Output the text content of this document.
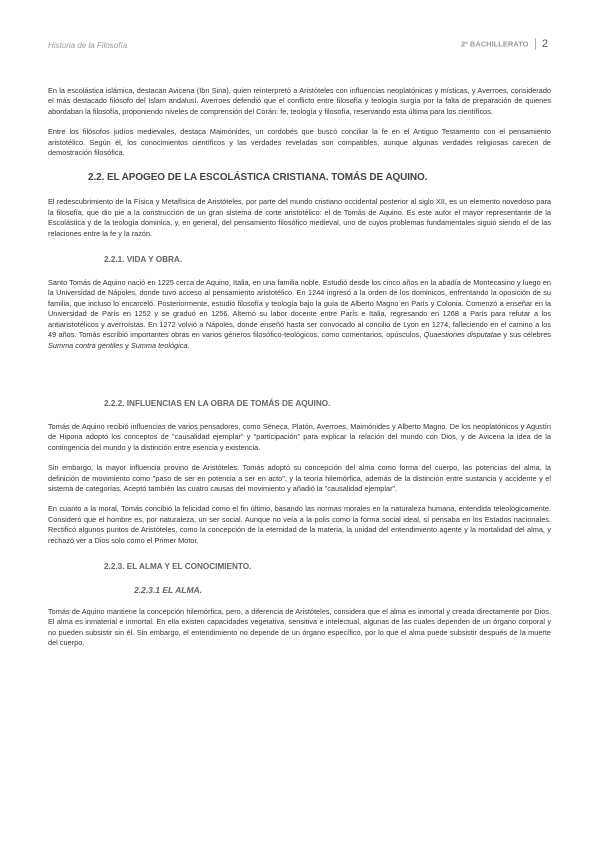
Historia de la Filosofía	2º BACHILLERATO 2

En la escolástica islámica, destacan Avicena (Ibn Sina), quien reinterpretó a Aristóteles con influencias neoplatónicas y místicas, y Averroes, considerado el más destacado filósofo del Islam andalusí. Averroes defendió que el conflicto entre filosofía y teología surgía por la falta de preparación de quienes abordaban la filosofía, proponiendo niveles de comprensión del Corán: fe, teología y filosofía, reservando esta última para los científicos.

Entre los filósofos judíos medievales, destaca Maimónides, un cordobés que buscó conciliar la fe en el Antiguo Testamento con el pensamiento aristotélico. Según él, los conocimientos científicos y las verdades reveladas son compatibles, aunque algunas verdades religiosas carecen de demostración filosófica.

2.2. EL APOGEO DE LA ESCOLÁSTICA CRISTIANA. TOMÁS DE AQUINO.

El redescubrimiento de la Física y Metafísica de Aristóteles, por parte del mundo cristiano occidental posterior al siglo XII, es un elemento novedoso para la filosofía, que dio pie a la construcción de un gran sistema de corte aristotélico: el de Tomás de Aquino. Es este autor el mayor representante de la Escolástica y de la teología dominica, y, en general, del pensamiento filosófico medieval, uno de cuyos problemas fundamentales siguió siendo el de las relaciones entre la fe y la razón.

2.2.1. VIDA Y OBRA.

Santo Tomás de Aquino nació en 1225 cerca de Aquino, Italia, en una familia noble. Estudió desde los cinco años en la abadía de Montecasino y luego en la Universidad de Nápoles, donde tuvo acceso al pensamiento aristotélico. En 1244 ingresó a la orden de los dominicos, enfrentando la oposición de su familia, que incluso lo encarceló. Posteriormente, estudió filosofía y teología bajo la guía de Alberto Magno en París y Colonia. Comenzó a enseñar en la Universidad de París en 1252 y se graduó en 1256. Alternó su labor docente entre París e Italia, regresando en 1268 a París para refutar a los antiaristotélicos y averroístas. En 1272 volvió a Nápoles, donde enseñó hasta ser convocado al concilio de Lyon en 1274, falleciendo en el camino a los 49 años. Tomás escribió importantes obras en varios géneros filosófico-teológicos, como comentarios, opúsculos, Quaestiones disputatae y sus célebres Summa contra gentiles y Summa teológica.

2.2.2. INFLUENCIAS EN LA OBRA DE TOMÁS DE AQUINO.

Tomás de Aquino recibió influencias de varios pensadores, como Séneca, Platón, Averroes, Maimónides y Alberto Magno. De los neoplatónicos y Agustín de Hipona adoptó los conceptos de "causalidad ejemplar" y "participación" para explicar la relación del mundo con Dios, y de Avicena la idea de la contingencia del mundo y la distinción entre esencia y existencia.

Sin embargo, la mayor influencia provino de Aristóteles. Tomás adoptó su concepción del alma como forma del cuerpo, las potencias del alma, la definición de movimiento como "paso de ser en potencia a ser en acto", y la teoría hilemórfica, además de la distinción entre sustancia y accidente y el sistema de categorías. Aceptó también las cuatro causas del movimiento y añadió la "causalidad ejemplar".

En cuanto a la moral, Tomás concibió la felicidad como el fin último, basando las normas morales en la naturaleza humana, entendida teleológicamente. Consideró que el hombre es, por naturaleza, un ser social. Aunque no veía a la polis como la forma social ideal, sí pensaba en los Estados nacionales. Rectificó algunos puntos de Aristóteles, como la concepción de la eternidad de la materia, la unidad del entendimiento agente y la mortalidad del alma, y rechazó ver a Dios solo como el Primer Motor.

2.2.3. EL ALMA Y EL CONOCIMIENTO.
2.2.3.1 EL ALMA.

Tomás de Aquino mantiene la concepción hilemórfica, pero, a diferencia de Aristóteles, considera que el alma es inmortal y creada directamente por Dios. El alma es inmaterial e inmortal. En ella existen capacidades vegetativa, sensitiva e intelectual, algunas de las cuales dependen de un órgano corporal y no pueden subsistir sin él. Sin embargo, el entendimiento no depende de un órgano específico, por lo que el alma puede subsistir después de la muerte del cuerpo.
